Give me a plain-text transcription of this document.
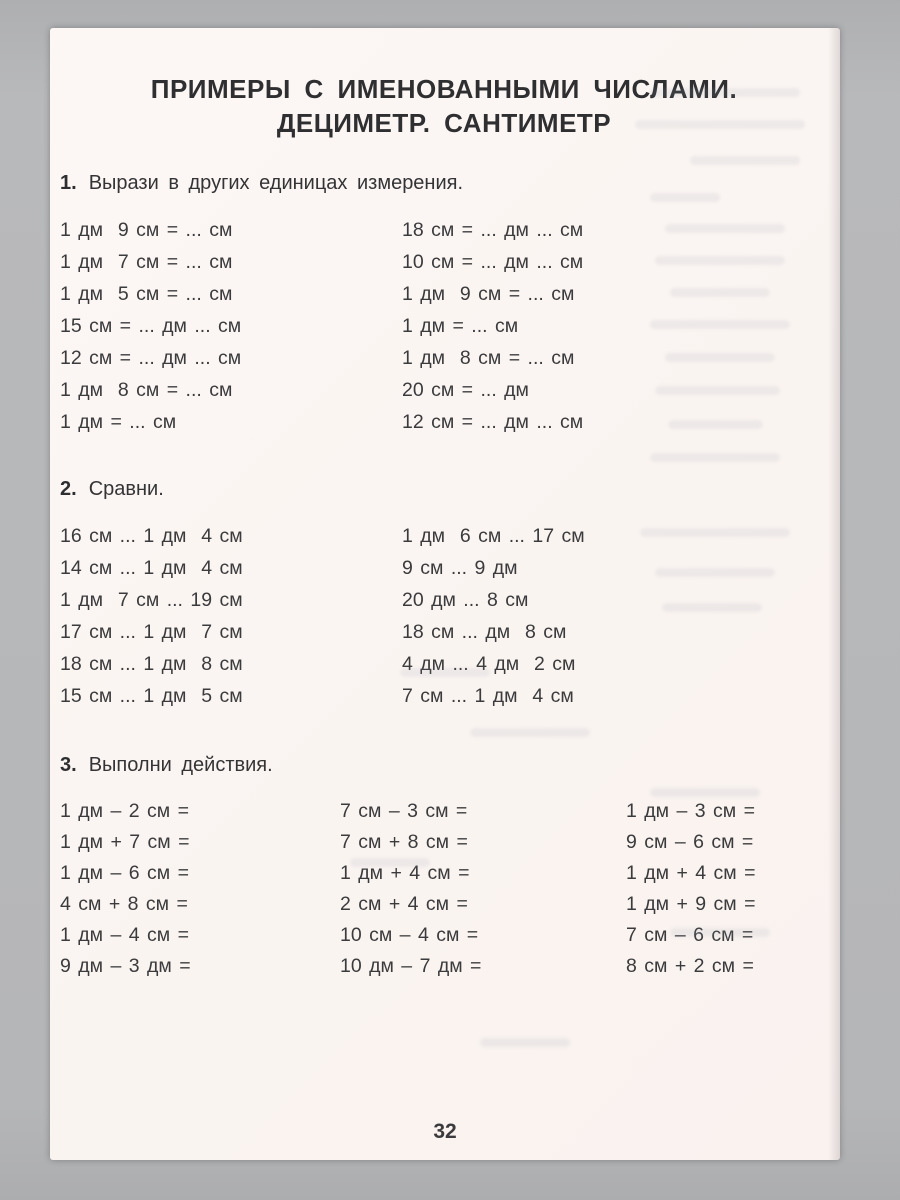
ПРИМЕРЫ С ИМЕНОВАННЫМИ ЧИСЛАМИ.
ДЕЦИМЕТР. САНТИМЕТР

1. Вырази в других единицах измерения.

1 дм  9 см = ... см
1 дм  7 см = ... см
1 дм  5 см = ... см
15 см = ... дм ... см
12 см = ... дм ... см
1 дм  8 см = ... см
1 дм = ... см
18 см = ... дм ... см
10 см = ... дм ... см
1 дм  9 см = ... см
1 дм = ... см
1 дм  8 см = ... см
20 см = ... дм
12 см = ... дм ... см

2. Сравни.

16 см ... 1 дм  4 см
14 см ... 1 дм  4 см
1 дм  7 см ... 19 см
17 см ... 1 дм  7 см
18 см ... 1 дм  8 см
15 см ... 1 дм  5 см
1 дм  6 см ... 17 см
9 см ... 9 дм
20 дм ... 8 см
18 см ... дм  8 см
4 дм ... 4 дм  2 см
7 см ... 1 дм  4 см

3. Выполни действия.

1 дм – 2 см =
1 дм + 7 см =
1 дм – 6 см =
4 см + 8 см =
1 дм – 4 см =
9 дм – 3 дм =
7 см – 3 см =
7 см + 8 см =
1 дм + 4 см =
2 см + 4 см =
10 см – 4 см =
10 дм – 7 дм =
1 дм – 3 см =
9 см – 6 см =
1 дм + 4 см =
1 дм + 9 см =
7 см – 6 см =
8 см + 2 см =
32
